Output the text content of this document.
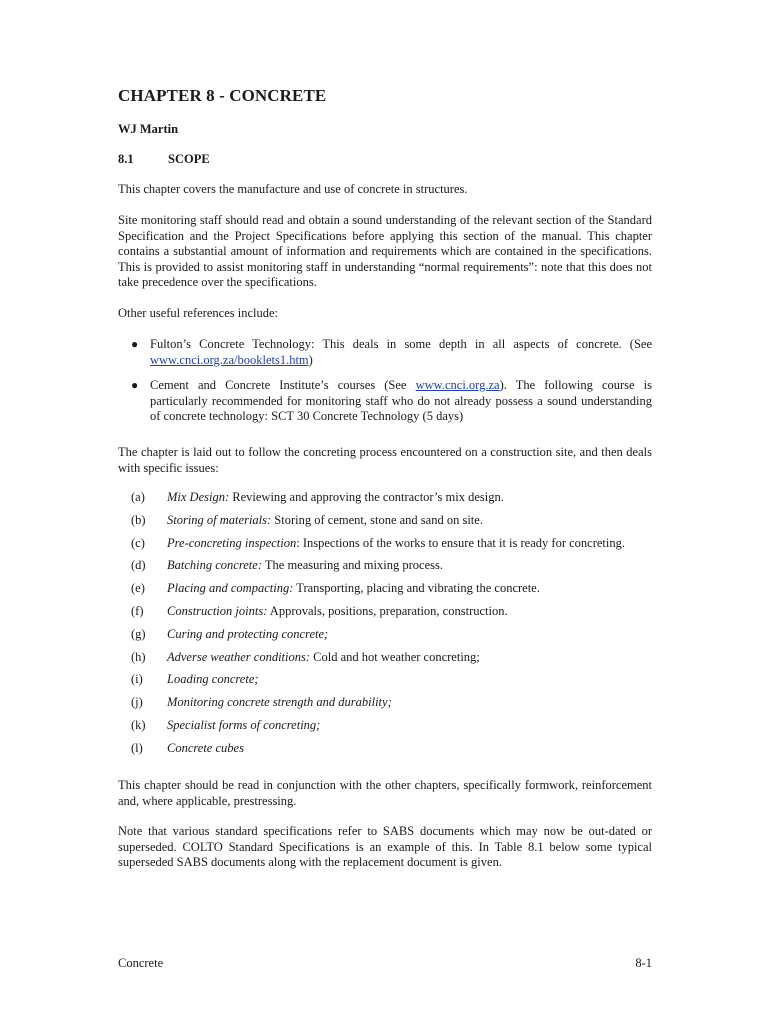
CHAPTER 8 - CONCRETE
WJ Martin
8.1	SCOPE

This chapter covers the manufacture and use of concrete in structures.

Site monitoring staff should read and obtain a sound understanding of the relevant section of the Standard Specification and the Project Specifications before applying this section of the manual. This chapter contains a substantial amount of information and requirements which are contained in the specifications. This is provided to assist monitoring staff in understanding “normal requirements”: note that this does not take precedence over the specifications.

Other useful references include:

● Fulton’s Concrete Technology: This deals in some depth in all aspects of concrete. (See www.cnci.org.za/booklets1.htm)
● Cement and Concrete Institute’s courses (See www.cnci.org.za). The following course is particularly recommended for monitoring staff who do not already possess a sound understanding of concrete technology: SCT 30 Concrete Technology (5 days)

The chapter is laid out to follow the concreting process encountered on a construction site, and then deals with specific issues:

(a) Mix Design: Reviewing and approving the contractor’s mix design.
(b) Storing of materials: Storing of cement, stone and sand on site.
(c) Pre-concreting inspection: Inspections of the works to ensure that it is ready for concreting.
(d) Batching concrete: The measuring and mixing process.
(e) Placing and compacting: Transporting, placing and vibrating the concrete.
(f) Construction joints: Approvals, positions, preparation, construction.
(g) Curing and protecting concrete;
(h) Adverse weather conditions: Cold and hot weather concreting;
(i) Loading concrete;
(j) Monitoring concrete strength and durability;
(k) Specialist forms of concreting;
(l) Concrete cubes

This chapter should be read in conjunction with the other chapters, specifically formwork, reinforcement and, where applicable, prestressing.

Note that various standard specifications refer to SABS documents which may now be out-dated or superseded. COLTO Standard Specifications is an example of this. In Table 8.1 below some typical superseded SABS documents along with the replacement document is given.

Concrete	8-1
